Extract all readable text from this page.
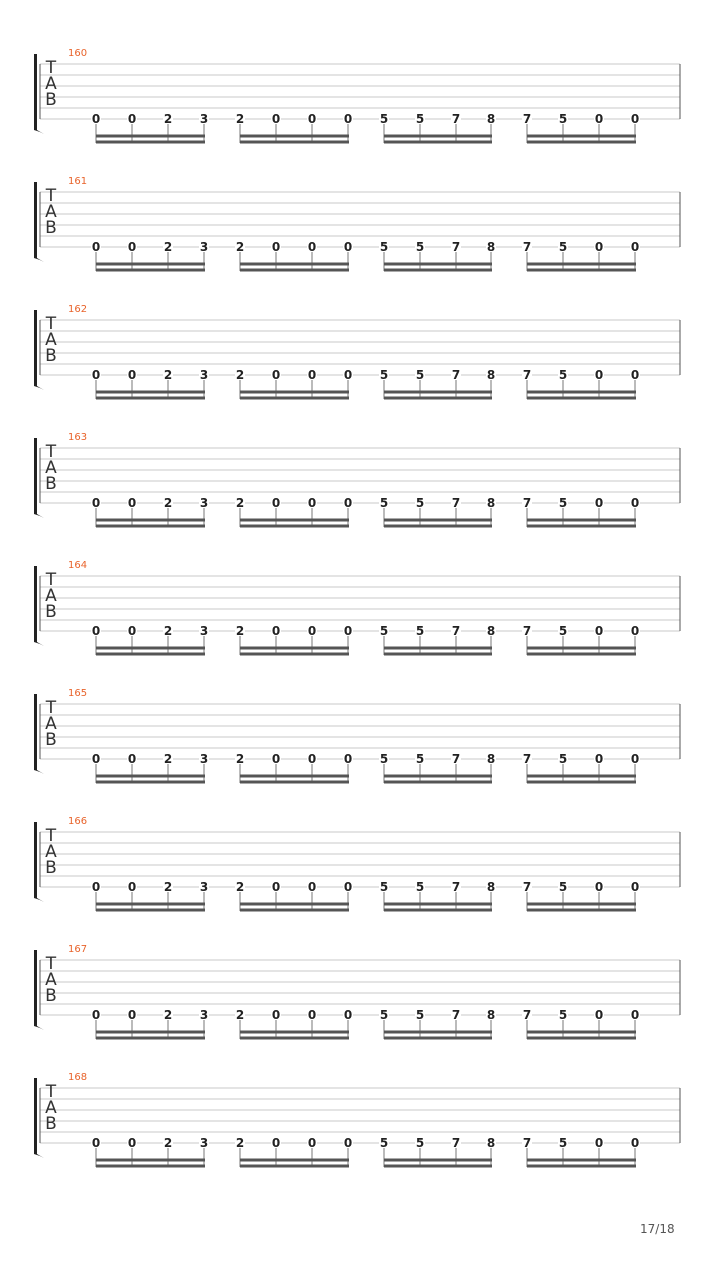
160
T
A
B
0 0 2 3 2 0 0 0 5 5 7 8 7 5 0 0
161
T
A
B
0 0 2 3 2 0 0 0 5 5 7 8 7 5 0 0
162
T
A
B
0 0 2 3 2 0 0 0 5 5 7 8 7 5 0 0
163
T
A
B
0 0 2 3 2 0 0 0 5 5 7 8 7 5 0 0
164
T
A
B
0 0 2 3 2 0 0 0 5 5 7 8 7 5 0 0
165
T
A
B
0 0 2 3 2 0 0 0 5 5 7 8 7 5 0 0
166
T
A
B
0 0 2 3 2 0 0 0 5 5 7 8 7 5 0 0
167
T
A
B
0 0 2 3 2 0 0 0 5 5 7 8 7 5 0 0
168
T
A
B
0 0 2 3 2 0 0 0 5 5 7 8 7 5 0 0
17/18
